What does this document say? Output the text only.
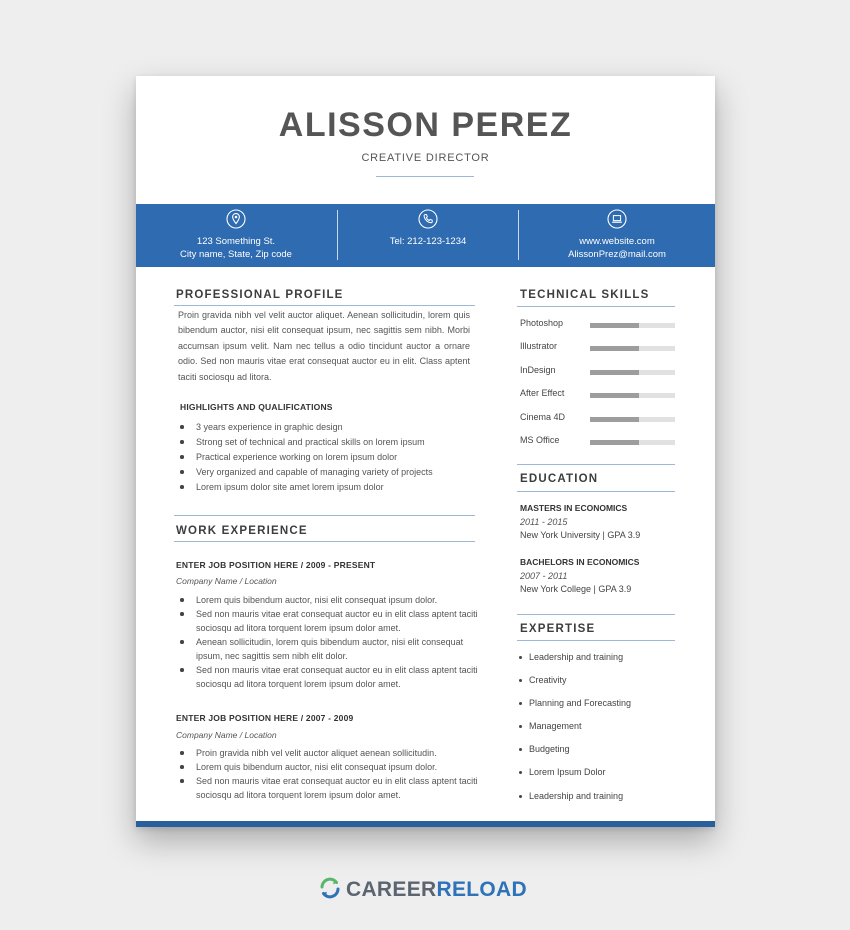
ALISSON PEREZ
CREATIVE DIRECTOR
123 Something St.
City name, State, Zip code
Tel: 212-123-1234	www.website.com
AlissonPrez@mail.com
PROFESSIONAL PROFILE
Proin gravida nibh vel velit auctor aliquet. Aenean sollicitudin, lorem quis bibendum auctor, nisi elit consequat ipsum, nec sagittis sem nibh. Morbi accumsan ipsum velit. Nam nec tellus a odio tincidunt auctor a ornare odio. Sed non mauris vitae erat consequat auctor eu in elit. Class aptent taciti sociosqu ad litora.
HIGHLIGHTS AND QUALIFICATIONS
3 years experience in graphic design
Strong set of technical and practical skills on lorem ipsum
Practical experience working on lorem ipsum dolor
Very organized and capable of managing variety of projects
Lorem ipsum dolor site amet lorem ipsum dolor
WORK EXPERIENCE
ENTER JOB POSITION HERE / 2009 - PRESENT
Company Name / Location
Lorem quis bibendum auctor, nisi elit consequat ipsum dolor.
Sed non mauris vitae erat consequat auctor eu in elit class aptent taciti sociosqu ad litora torquent lorem ipsum dolor amet.
Aenean sollicitudin, lorem quis bibendum auctor, nisi elit consequat ipsum, nec sagittis sem nibh elit dolor.
Sed non mauris vitae erat consequat auctor eu in elit class aptent taciti sociosqu ad litora torquent lorem ipsum dolor amet.
ENTER JOB POSITION HERE / 2007 - 2009
Company Name / Location
Proin gravida nibh vel velit auctor aliquet aenean sollicitudin.
Lorem quis bibendum auctor, nisi elit consequat ipsum dolor.
Sed non mauris vitae erat consequat auctor eu in elit class aptent taciti sociosqu ad litora torquent lorem ipsum dolor amet.
TECHNICAL SKILLS
Photoshop
Illustrator
InDesign
After Effect
Cinema 4D
MS Office
EDUCATION
MASTERS IN ECONOMICS
2011 - 2015
New York University | GPA 3.9
BACHELORS IN ECONOMICS
2007 - 2011
New York College | GPA 3.9
EXPERTISE
Leadership and training
Creativity
Planning and Forecasting
Management
Budgeting
Lorem Ipsum Dolor
Leadership and training
CAREERRELOAD
